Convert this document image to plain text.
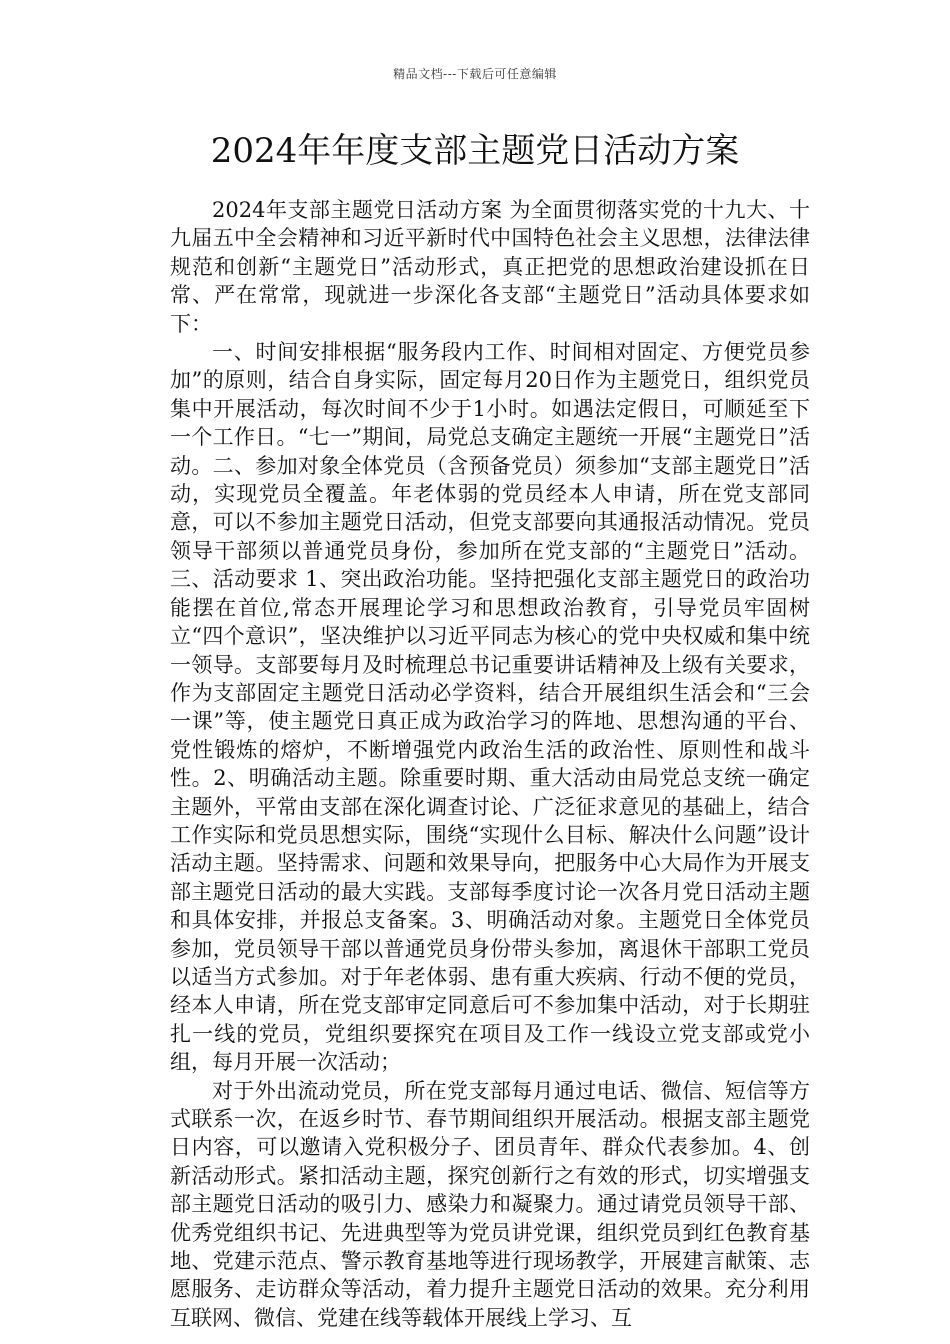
精品文档---下载后可任意编辑
2024年年度支部主题党日活动方案

2024年支部主题党日活动方案 为全面贯彻落实党的十九大、十九届五中全会精神和习近平新时代中国特色社会主义思想，法律法律规范和创新“主题党日”活动形式，真正把党的思想政治建设抓在日常、严在常常，现就进一步深化各支部“主题党日”活动具体要求如下：

一、时间安排根据“服务段内工作、时间相对固定、方便党员参加”的原则，结合自身实际，固定每月20日作为主题党日，组织党员集中开展活动，每次时间不少于1小时。如遇法定假日，可顺延至下一个工作日。“七一”期间，局党总支确定主题统一开展“主题党日”活动。二、参加对象全体党员（含预备党员）须参加“支部主题党日”活动，实现党员全覆盖。年老体弱的党员经本人申请，所在党支部同意，可以不参加主题党日活动，但党支部要向其通报活动情况。党员领导干部须以普通党员身份，参加所在党支部的“主题党日”活动。三、活动要求 1、突出政治功能。坚持把强化支部主题党日的政治功能摆在首位,常态开展理论学习和思想政治教育，引导党员牢固树立“四个意识”，坚决维护以习近平同志为核心的党中央权威和集中统一领导。支部要每月及时梳理总书记重要讲话精神及上级有关要求，作为支部固定主题党日活动必学资料，结合开展组织生活会和“三会一课”等，使主题党日真正成为政治学习的阵地、思想沟通的平台、党性锻炼的熔炉，不断增强党内政治生活的政治性、原则性和战斗性。2、明确活动主题。除重要时期、重大活动由局党总支统一确定主题外，平常由支部在深化调查讨论、广泛征求意见的基础上，结合工作实际和党员思想实际，围绕“实现什么目标、解决什么问题”设计活动主题。坚持需求、问题和效果导向，把服务中心大局作为开展支部主题党日活动的最大实践。支部每季度讨论一次各月党日活动主题和具体安排，并报总支备案。3、明确活动对象。主题党日全体党员参加，党员领导干部以普通党员身份带头参加，离退休干部职工党员以适当方式参加。对于年老体弱、患有重大疾病、行动不便的党员，经本人申请，所在党支部审定同意后可不参加集中活动，对于长期驻扎一线的党员，党组织要探究在项目及工作一线设立党支部或党小组，每月开展一次活动；

对于外出流动党员，所在党支部每月通过电话、微信、短信等方式联系一次，在返乡时节、春节期间组织开展活动。根据支部主题党日内容，可以邀请入党积极分子、团员青年、群众代表参加。4、创新活动形式。紧扣活动主题，探究创新行之有效的形式，切实增强支部主题党日活动的吸引力、感染力和凝聚力。通过请党员领导干部、优秀党组织书记、先进典型等为党员讲党课，组织党员到红色教育基地、党建示范点、警示教育基地等进行现场教学，开展建言献策、志愿服务、走访群众等活动，着力提升主题党日活动的效果。充分利用互联网、微信、党建在线等载体开展线上学习、互
